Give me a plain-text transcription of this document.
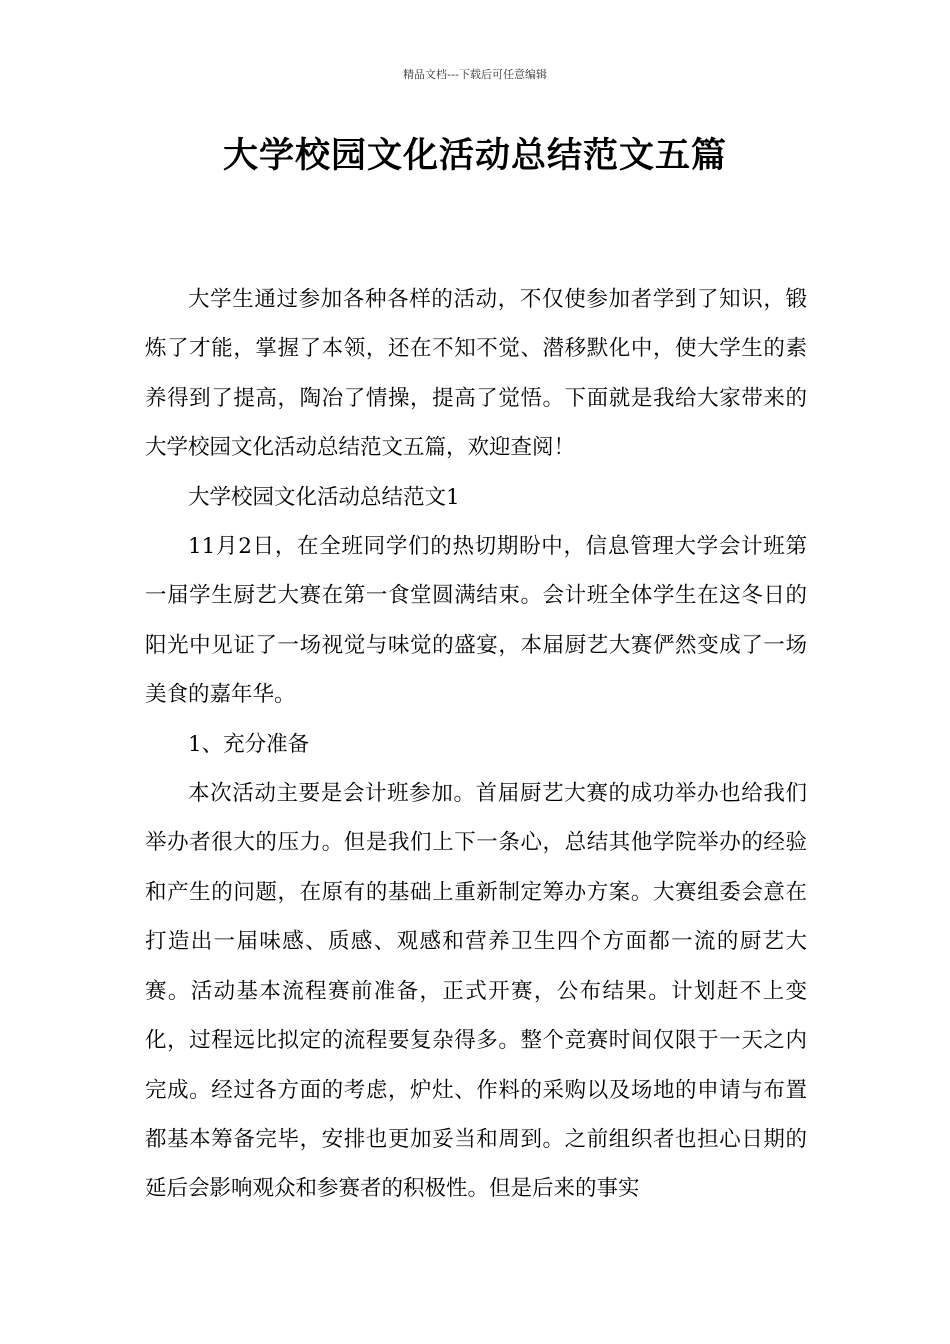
精品文档---下载后可任意编辑
大学校园文化活动总结范文五篇

大学生通过参加各种各样的活动，不仅使参加者学到了知识，锻炼了才能，掌握了本领，还在不知不觉、潜移默化中，使大学生的素养得到了提高，陶冶了情操，提高了觉悟。下面就是我给大家带来的大学校园文化活动总结范文五篇，欢迎查阅！

大学校园文化活动总结范文1

11月2日，在全班同学们的热切期盼中，信息管理大学会计班第一届学生厨艺大赛在第一食堂圆满结束。会计班全体学生在这冬日的阳光中见证了一场视觉与味觉的盛宴，本届厨艺大赛俨然变成了一场美食的嘉年华。

1、充分准备

本次活动主要是会计班参加。首届厨艺大赛的成功举办也给我们举办者很大的压力。但是我们上下一条心，总结其他学院举办的经验和产生的问题，在原有的基础上重新制定筹办方案。大赛组委会意在打造出一届味感、质感、观感和营养卫生四个方面都一流的厨艺大赛。活动基本流程赛前准备，正式开赛，公布结果。计划赶不上变化，过程远比拟定的流程要复杂得多。整个竞赛时间仅限于一天之内完成。经过各方面的考虑，炉灶、作料的采购以及场地的申请与布置都基本筹备完毕，安排也更加妥当和周到。之前组织者也担心日期的延后会影响观众和参赛者的积极性。但是后来的事实
